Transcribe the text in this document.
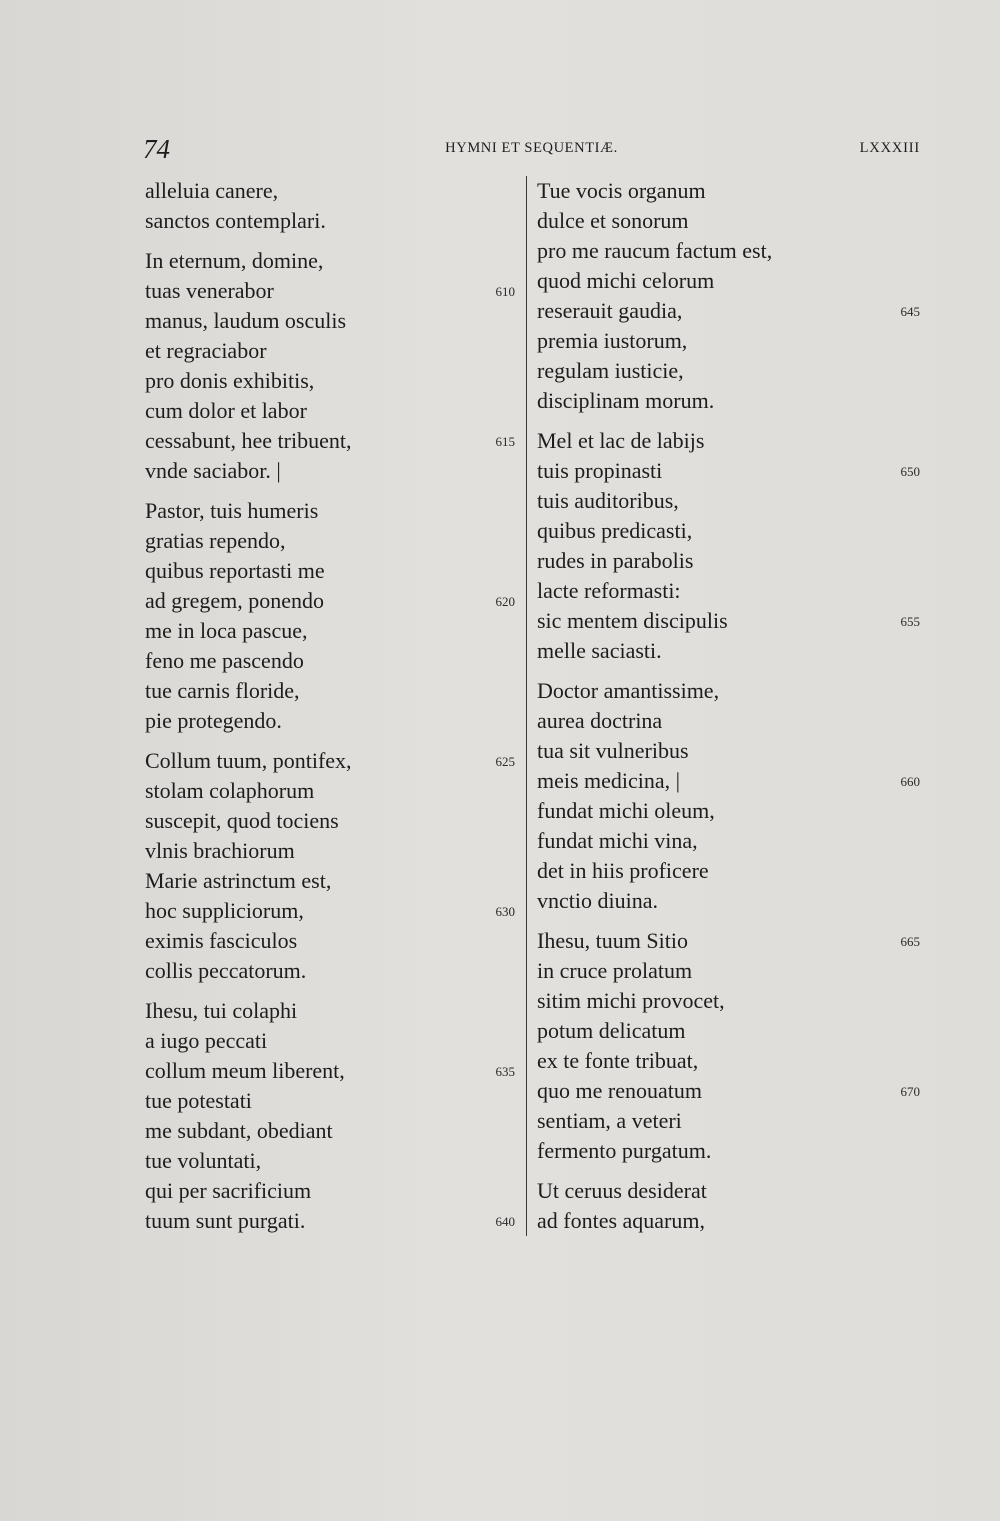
74	HYMNI ET SEQUENTIÆ.	LXXXIII
alleluia canere,
sanctos contemplari.
In eternum, domine,
tuas venerabor	610
manus, laudum osculis
et regraciabor
pro donis exhibitis,
cum dolor et labor
cessabunt, hee tribuent,	615
vnde saciabor. |
Pastor, tuis humeris
gratias rependo,
quibus reportasti me
ad gregem, ponendo	620
me in loca pascue,
feno me pascendo
tue carnis floride,
pie protegendo.
Collum tuum, pontifex,	625
stolam colaphorum
suscepit, quod tociens
vlnis brachiorum
Marie astrinctum est,
hoc suppliciorum,	630
eximis fasciculos
collis peccatorum.
Ihesu, tui colaphi
a iugo peccati
collum meum liberent,	635
tue potestati
me subdant, obediant
tue voluntati,
qui per sacrificium
tuum sunt purgati.	640
Tue vocis organum
dulce et sonorum
pro me raucum factum est,
quod michi celorum
reserauit gaudia,	645
premia iustorum,
regulam iusticie,
disciplinam morum.
Mel et lac de labijs
tuis propinasti	650
tuis auditoribus,
quibus predicasti,
rudes in parabolis
lacte reformasti:
sic mentem discipulis	655
melle saciasti.
Doctor amantissime,
aurea doctrina
tua sit vulneribus
meis medicina, |	660
fundat michi oleum,
fundat michi vina,
det in hiis proficere
vnctio diuina.
Ihesu, tuum Sitio	665
in cruce prolatum
sitim michi provocet,
potum delicatum
ex te fonte tribuat,
quo me renouatum	670
sentiam, a veteri
fermento purgatum.
Ut ceruus desiderat
ad fontes aquarum,
